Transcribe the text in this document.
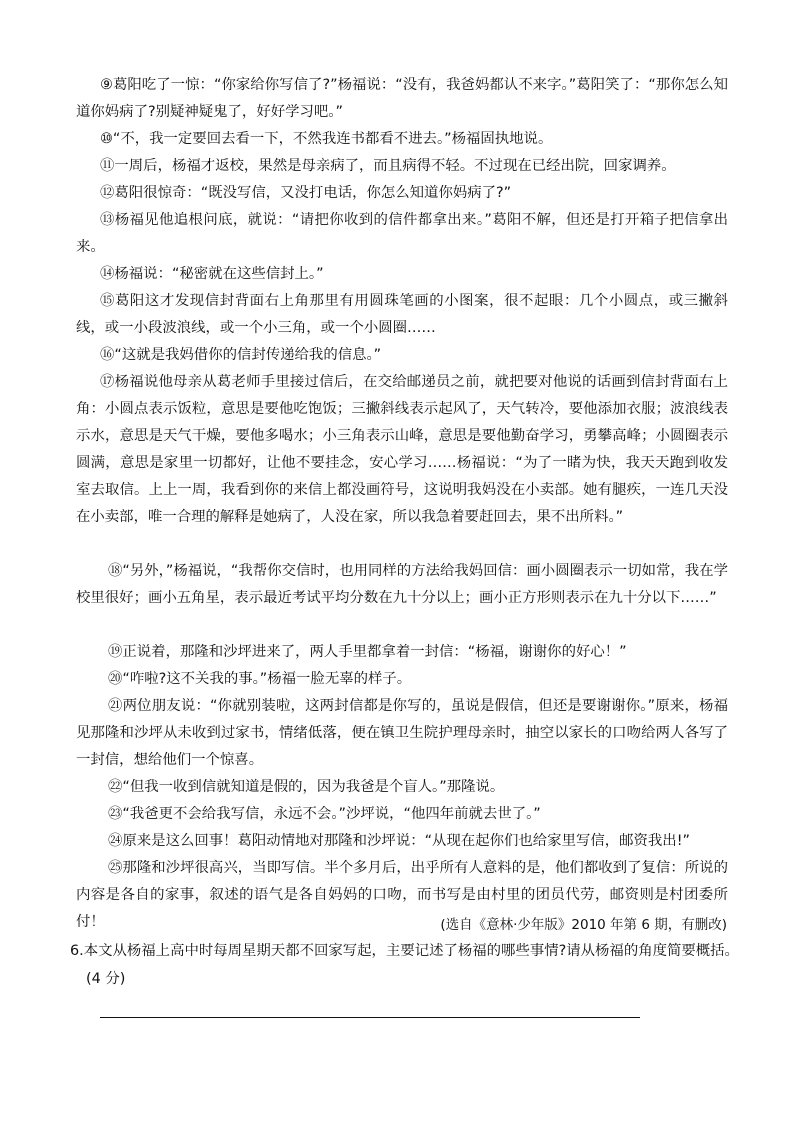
⑨葛阳吃了一惊：“你家给你写信了?”杨福说：“没有，我爸妈都认不来字。”葛阳笑了：“那你怎么知道你妈病了?别疑神疑鬼了，好好学习吧。”

⑩“不，我一定要回去看一下，不然我连书都看不进去。”杨福固执地说。

⑪一周后，杨福才返校，果然是母亲病了，而且病得不轻。不过现在已经出院，回家调养。

⑫葛阳很惊奇：“既没写信，又没打电话，你怎么知道你妈病了?”

⑬杨福见他追根问底，就说：“请把你收到的信件都拿出来。”葛阳不解，但还是打开箱子把信拿出来。

⑭杨福说：“秘密就在这些信封上。”

⑮葛阳这才发现信封背面右上角那里有用圆珠笔画的小图案，很不起眼：几个小圆点，或三撇斜线，或一小段波浪线，或一个小三角，或一个小圆圈……

⑯“这就是我妈借你的信封传递给我的信息。”

⑰杨福说他母亲从葛老师手里接过信后，在交给邮递员之前，就把要对他说的话画到信封背面右上角：小圆点表示饭粒，意思是要他吃饱饭；三撇斜线表示起风了，天气转冷，要他添加衣服；波浪线表示水，意思是天气干燥，要他多喝水；小三角表示山峰，意思是要他勤奋学习，勇攀高峰；小圆圈表示圆满，意思是家里一切都好，让他不要挂念，安心学习……杨福说：“为了一睹为快，我天天跑到收发室去取信。上上一周，我看到你的来信上都没画符号，这说明我妈没在小卖部。她有腿疾，一连几天没在小卖部，唯一合理的解释是她病了，人没在家，所以我急着要赶回去，果不出所料。”

⑱“另外，”杨福说，“我帮你交信时，也用同样的方法给我妈回信：画小圆圈表示一切如常，我在学校里很好；画小五角星，表示最近考试平均分数在九十分以上；画小正方形则表示在九十分以下……”

⑲正说着，那隆和沙坪进来了，两人手里都拿着一封信：“杨福，谢谢你的好心！”

⑳“咋啦?这不关我的事。”杨福一脸无辜的样子。

㉑两位朋友说：“你就别装啦，这两封信都是你写的，虽说是假信，但还是要谢谢你。”原来，杨福见那隆和沙坪从未收到过家书，情绪低落，便在镇卫生院护理母亲时，抽空以家长的口吻给两人各写了一封信，想给他们一个惊喜。

㉒“但我一收到信就知道是假的，因为我爸是个盲人。”那隆说。

㉓“我爸更不会给我写信，永远不会。”沙坪说，“他四年前就去世了。”

㉔原来是这么回事！葛阳动情地对那隆和沙坪说：“从现在起你们也给家里写信，邮资我出!”

㉕那隆和沙坪很高兴，当即写信。半个多月后，出乎所有人意料的是，他们都收到了复信：所说的内容是各自的家事，叙述的语气是各自妈妈的口吻，而书写是由村里的团员代劳，邮资则是村团委所付！	(选自《意林·少年版》2010 年第 6 期，有删改)

6.本文从杨福上高中时每周星期天都不回家写起，主要记述了杨福的哪些事情?请从杨福的角度简要概括。

(4 分)
